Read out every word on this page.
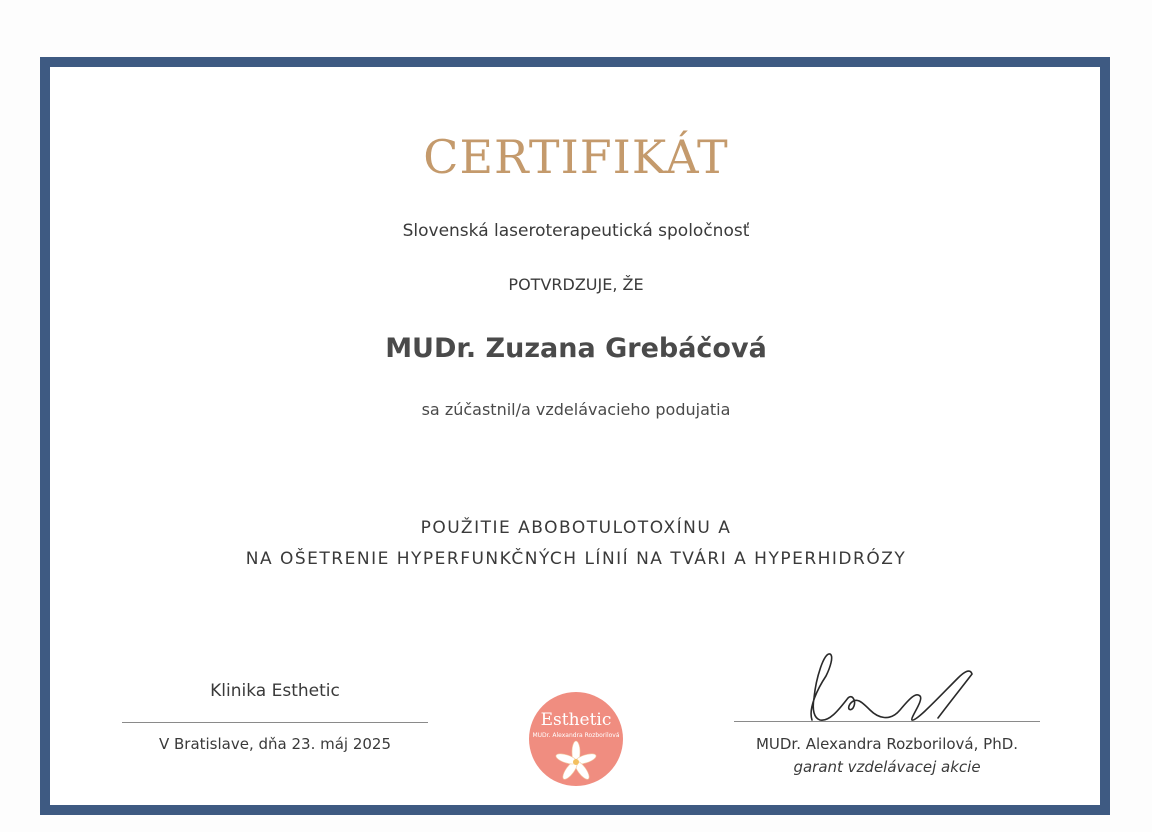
CERTIFIKÁT
Slovenská laseroterapeutická spoločnosť
POTVRDZUJE, ŽE
MUDr. Zuzana Grebáčová
sa zúčastnil/a vzdelávacieho podujatia
POUŽITIE ABOBOTULOTOXÍNU A
NA OŠETRENIE HYPERFUNKČNÝCH LÍNIÍ NA TVÁRI A HYPERHIDRÓZY
Klinika Esthetic
V Bratislave, dňa 23. máj 2025
Esthetic
MUDr. Alexandra Rozborilová	MUDr. Alexandra Rozborilová, PhD.
garant vzdelávacej akcie
